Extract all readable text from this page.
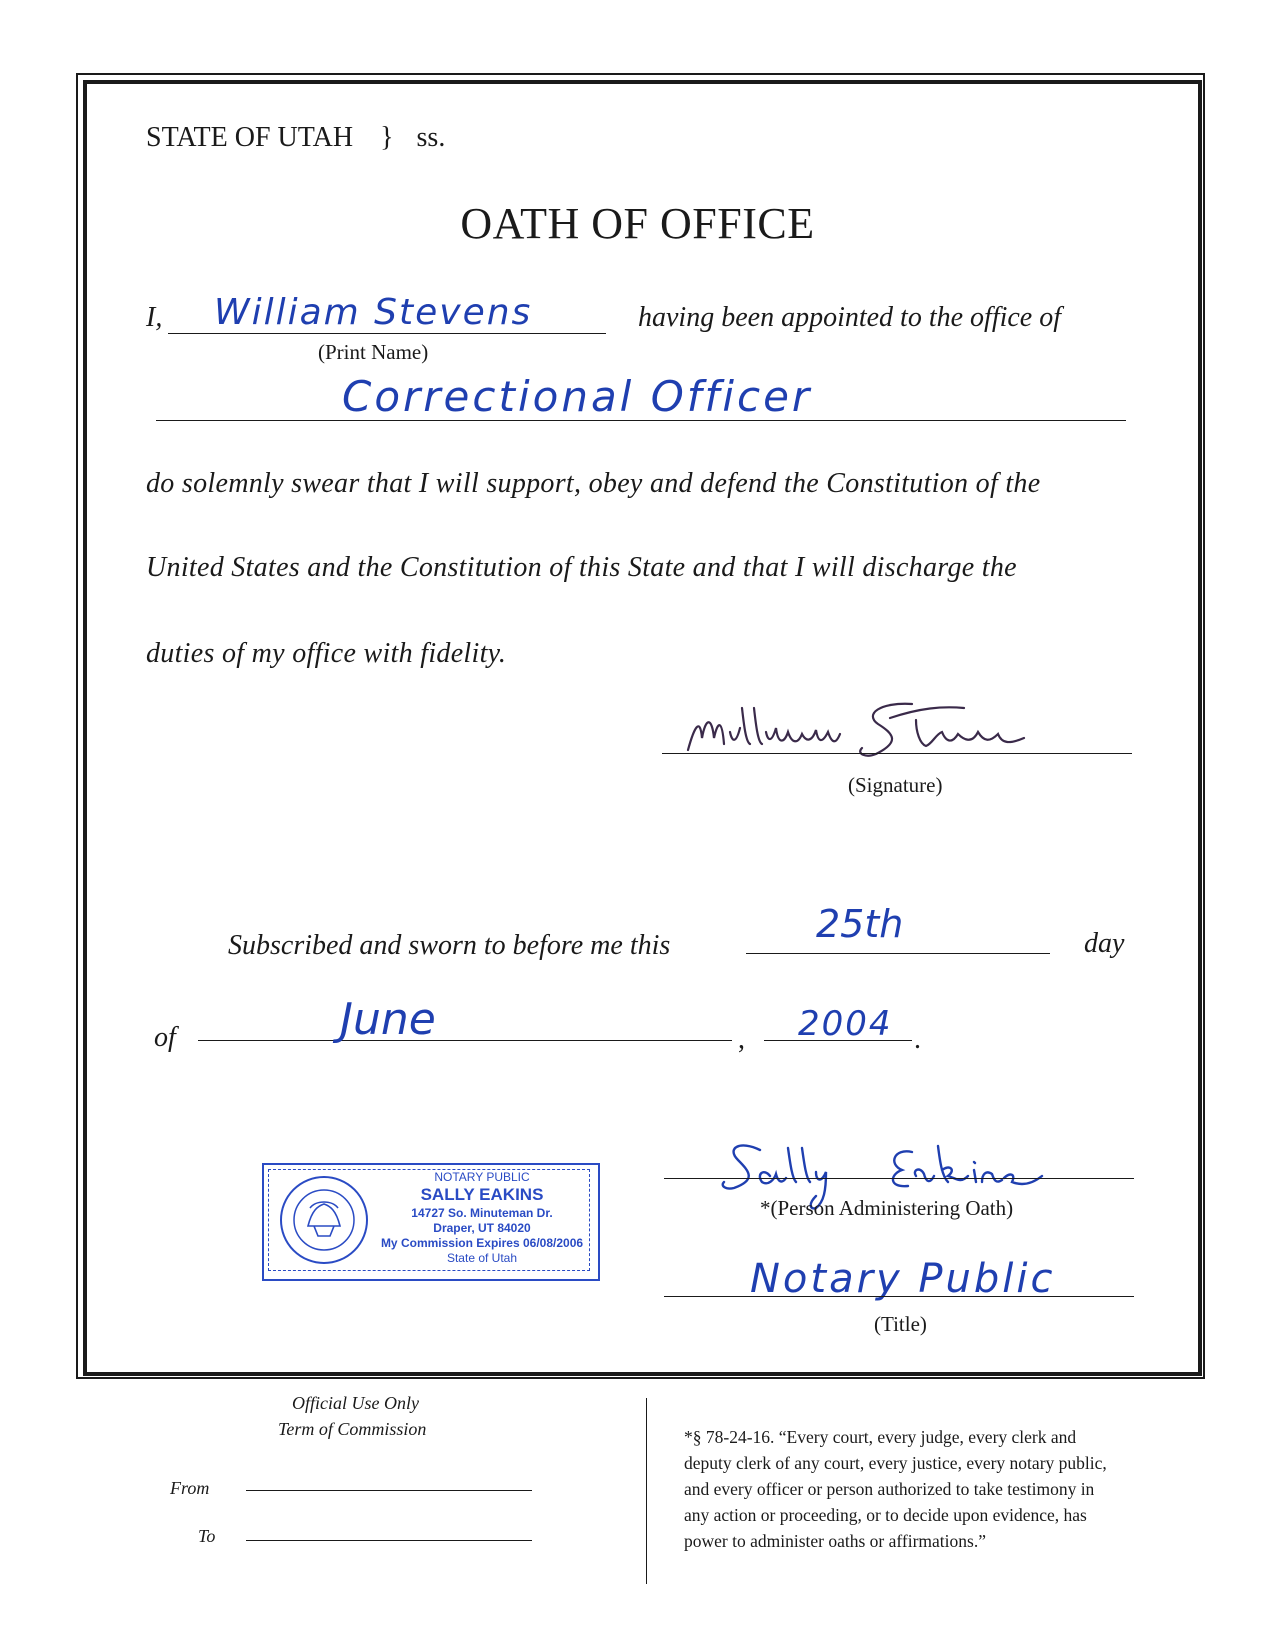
STATE OF UTAH } ss.
OATH OF OFFICE
I, William Stevens
(Print Name)
having been appointed to the office of
Correctional Officer
do solemnly swear that I will support, obey and defend the Constitution of the
United States and the Constitution of this State and that I will discharge the
duties of my office with fidelity.
(Signature)
Subscribed and sworn to before me this	25th	day
of	June	, 2004 .
NOTARY PUBLIC
SALLY EAKINS
14727 So. Minuteman Dr.
Draper, UT 84020
My Commission Expires 06/08/2006
State of Utah
*(Person Administering Oath)
Notary Public
(Title)
Official Use Only
Term of Commission
From
To
*§ 78-24-16. “Every court, every judge, every clerk and
deputy clerk of any court, every justice, every notary public,
and every officer or person authorized to take testimony in
any action or proceeding, or to decide upon evidence, has
power to administer oaths or affirmations.”
